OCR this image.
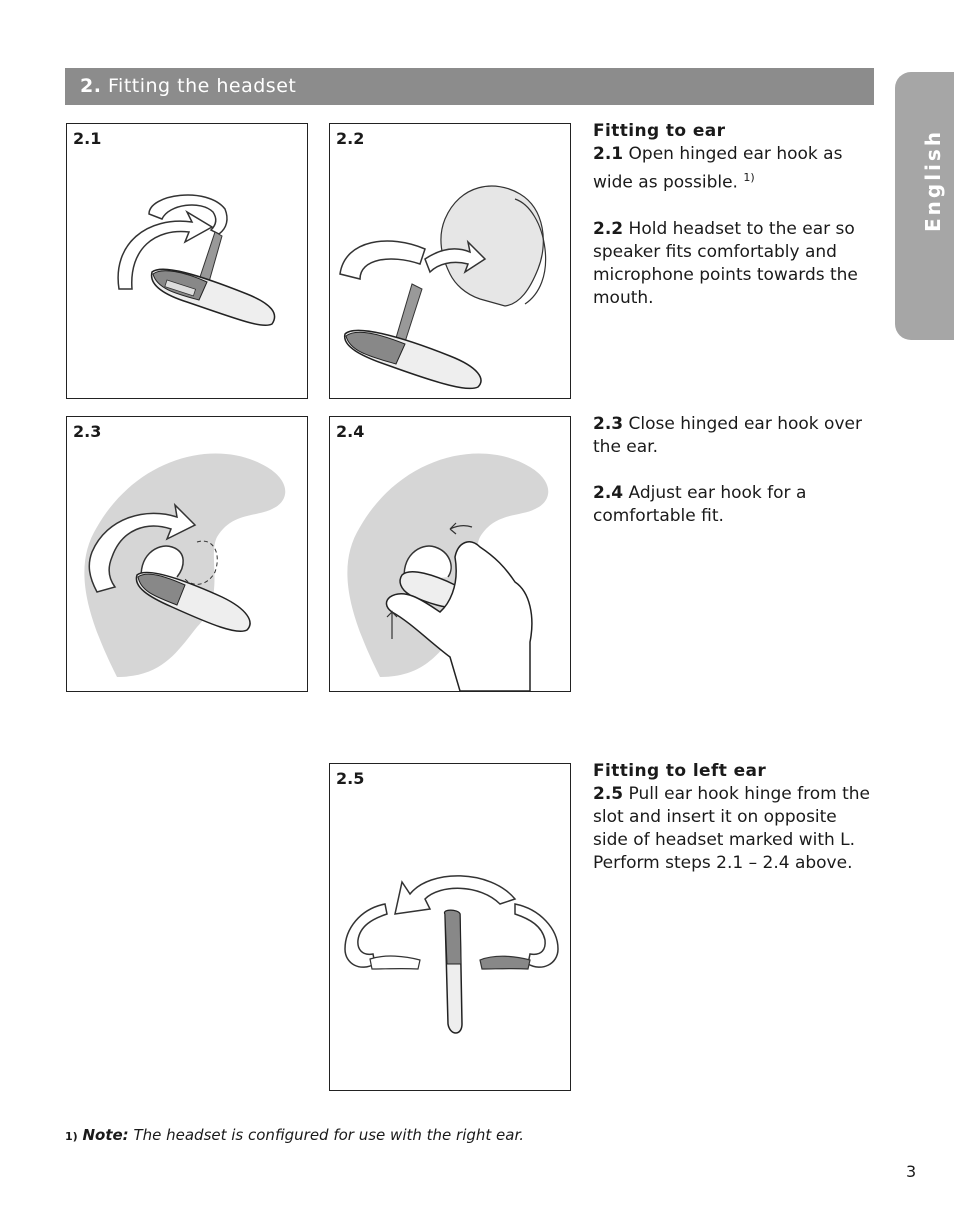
2. Fitting the headset
English
2.1	2.2
2.3	2.4
2.5

Fitting to ear

2.1 Open hinged ear hook as wide as possible. $^{1)}$

2.2 Hold headset to the ear so speaker fits comfortably and microphone points towards the mouth.

2.3 Close hinged ear hook over the ear.

2.4 Adjust ear hook for a comfortable fit.

Fitting to left ear

2.5 Pull ear hook hinge from the slot and insert it on opposite side of headset marked with L. Perform steps 2.1 – 2.4 above.

1) Note: The headset is configured for use with the right ear.
3
